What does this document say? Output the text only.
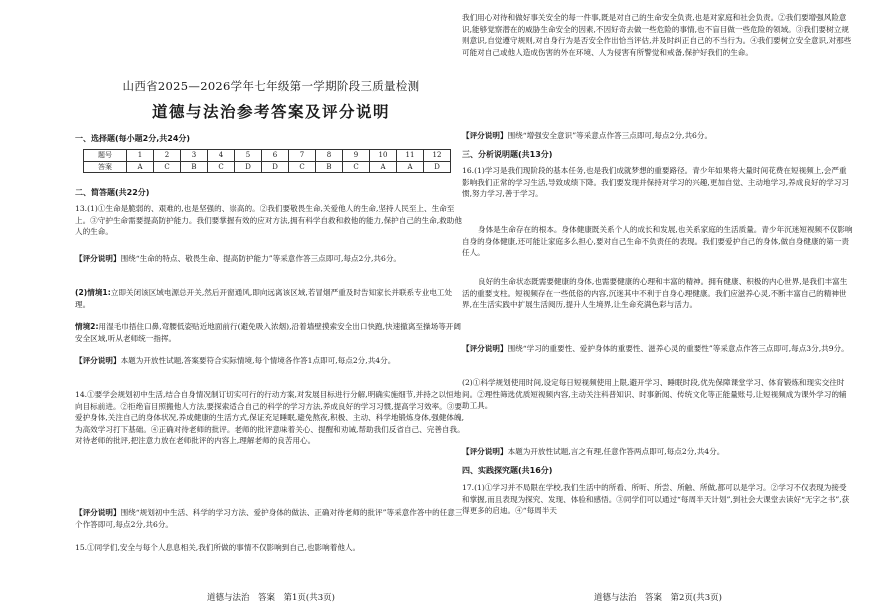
山西省2025—2026学年七年级第一学期阶段三质量检测
道德与法治参考答案及评分说明

一、选择题(每小题2分,共24分)

题号	1	2	3	4	5	6	7	8	9	10	11	12
答案	A	C	B	C	D	D	C	B	C	A	A	D

二、简答题(共22分)

13.(1)①生命是脆弱的、艰难的,也是坚强的、崇高的。②我们要敬畏生命,关爱他人的生命,坚持人民至上、生命至上。③守护生命需要提高防护能力。我们要掌握有效的应对方法,拥有科学自救和救他的能力,保护自己的生命,救助他人的生命。

【评分说明】围绕“生命的特点、敬畏生命、提高防护能力”等采意作答三点即可,每点2分,共6分。

(2)情境1:立即关闭该区域电源总开关,然后开窗通风,即向远离该区域,若冒烟严重及时告知家长并联系专业电工处理。

情境2:用湿毛巾捂住口鼻,弯腰低姿贴近地面前行(避免吸入浓烟),沿着墙壁摸索安全出口快跑,快速撤离至操场等开阔安全区域,听从老师统一指挥。

【评分说明】本题为开放性试题,答案要符合实际情境,每个情境各作答1点即可,每点2分,共4分。

14.①要学会规划初中生活,结合自身情况制订切实可行的行动方案,对发展目标进行分解,明确实施细节,并持之以恒地向目标前进。②拒绝盲目照搬他人方法,要探索适合自己的科学的学习方法,养成良好的学习习惯,提高学习效率。③要爱护身体,关注自己的身体状况,养成健康的生活方式,保证充足睡眠,避免熬夜,积极、主动、科学地锻炼身体,强健体魄,为高效学习打下基础。④正确对待老师的批评。老师的批评意味着关心、提醒和劝诫,帮助我们反省自己、完善自我。对待老师的批评,把注意力放在老师批评的内容上,理解老师的良苦用心。

【评分说明】围绕“规划初中生活、科学的学习方法、爱护身体的做法、正确对待老师的批评”等采意作答中的任意三个作答即可,每点2分,共6分。

15.①同学们,安全与每个人息息相关,我们所做的事情不仅影响到自己,也影响着他人。

道德与法治　答案　第1页(共3页)

我们用心对待和做好事关安全的每一件事,既是对自己的生命安全负责,也是对家庭和社会负责。②我们要增强风险意识,能够觉察潜在的威胁生命安全的因素,不因好奇去做一些危险的事情,也不盲目做一些危险的领域。③我们要树立规则意识,自觉遵守规则,对自身行为是否安全作出恰当评估,并及时纠正自己的不当行为。④我们要树立安全意识,对那些可能对自己或他人造成伤害的外在环境、人为侵害有所警觉和戒备,保护好我们的生命。

【评分说明】围绕“增强安全意识”等采意点作答三点即可,每点2分,共6分。

三、分析说明题(共13分)

16.(1)学习是我们现阶段的基本任务,也是我们成就梦想的重要路径。青少年如果将大量时间花费在短视频上,会严重影响我们正常的学习生活,导致成绩下降。我们要发现并保持对学习的兴趣,更加自觉、主动地学习,养成良好的学习习惯,努力学习,善于学习。

身体是生命存在的根本。身体健康既关系个人的成长和发展,也关系家庭的生活质量。青少年沉迷短视频不仅影响自身的身体健康,还可能让家庭多么担心,要对自己生命不负责任的表现。我们要爱护自己的身体,做自身健康的第一责任人。

良好的生命状态既需要健康的身体,也需要健康的心理和丰富的精神。拥有健康、积极的内心世界,是我们丰富生活的重要支柱。短视频存在一些低俗的内容,沉迷其中不利于自身心理健康。我们应滋养心灵,不断丰富自己的精神世界,在生活实践中扩展生活阅历,提升人生境界,让生命充满色彩与活力。

【评分说明】围绕“学习的重要性、爱护身体的重要性、滋养心灵的重要性”等采意点作答三点即可,每点3分,共9分。

(2)①科学规划使用时间,设定每日短视频使用上限,避开学习、睡眠时段,优先保障课堂学习、体育锻炼和现实交往时间。②理性筛选优质短视频内容,主动关注科普知识、时事新闻、传统文化等正能量账号,让短视频成为课外学习的辅助工具。

【评分说明】本题为开放性试题,言之有理,任意作答两点即可,每点2分,共4分。

四、实践探究题(共16分)

17.(1)①学习并不局限在学校,我们生活中的所看、所听、所尝、所触、所做,都可以是学习。②学习不仅表现为接受和掌握,而且表现为探究、发现、体验和感悟。③同学们可以通过“每周半天计划”,到社会大课堂去读好“无字之书”,获得更多的启迪。④“每周半天

道德与法治　答案　第2页(共3页)
